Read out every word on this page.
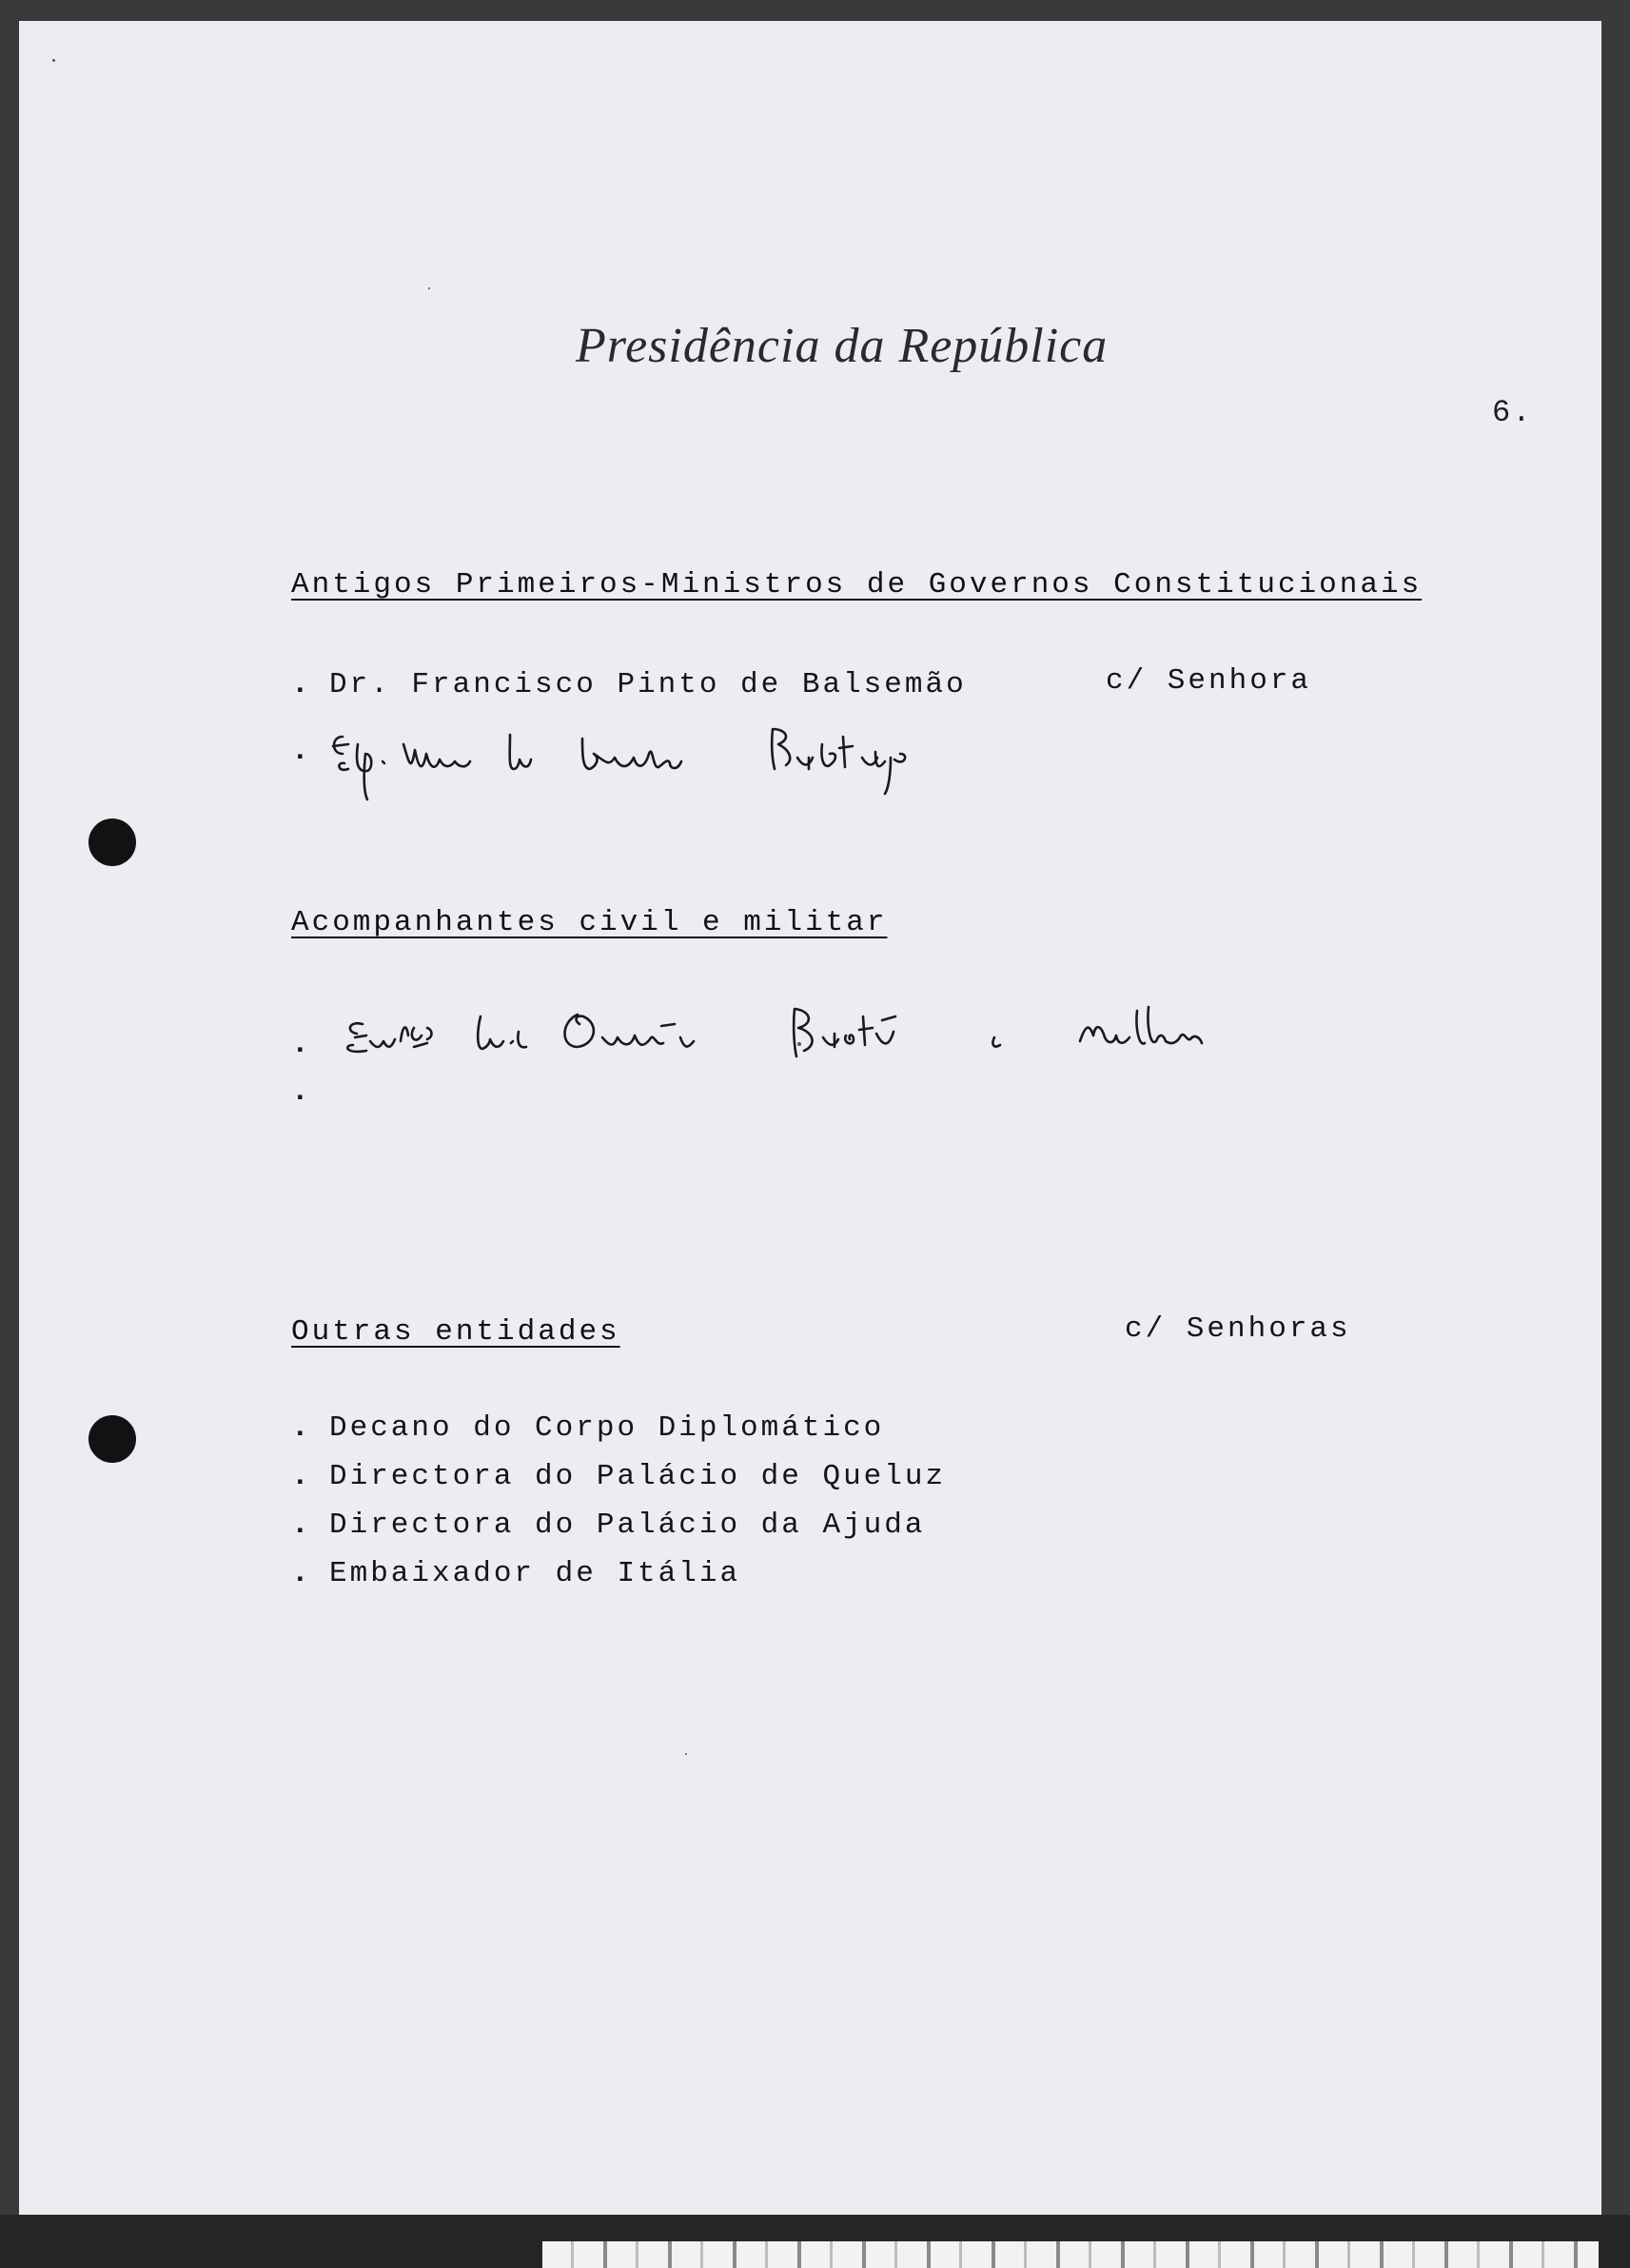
Presidência da República
6.
Antigos Primeiros-Ministros de Governos Constitucionais
. Dr. Francisco Pinto de Balsemão	c/ Senhora
.
Acompanhantes civil e militar
.
.
Outras entidades	c/ Senhoras
. Decano do Corpo Diplomático
. Directora do Palácio de Queluz
. Directora do Palácio da Ajuda
. Embaixador de Itália
